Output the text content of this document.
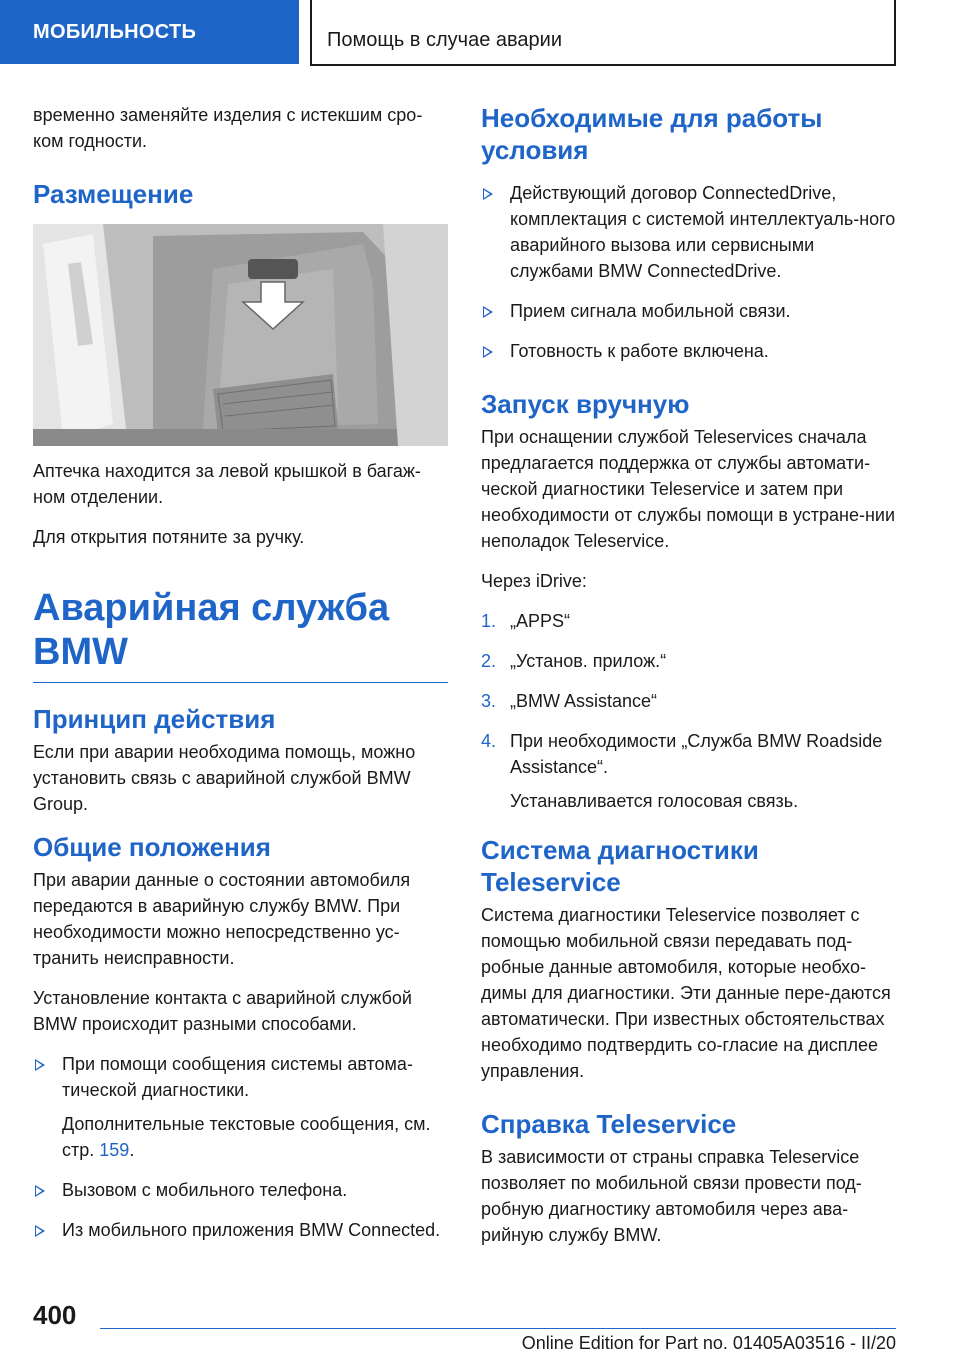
МОБИЛЬНОСТЬ	Помощь в случае аварии

временно заменяйте изделия с истекшим сро-ком годности.

Размещение

Аптечка находится за левой крышкой в багаж-ном отделении.

Для открытия потяните за ручку.

Аварийная служба BMW
Принцип действия

Если при аварии необходима помощь, можно установить связь с аварийной службой BMW Group.

Общие положения

При аварии данные о состоянии автомобиля передаются в аварийную службу BMW. При необходимости можно непосредственно ус-транить неисправности.

Установление контакта с аварийной службой BMW происходит разными способами.

При помощи сообщения системы автома-тической диагностики.

Дополнительные текстовые сообщения, см. стр. 159.

Вызовом с мобильного телефона.
Из мобильного приложения BMW Connected.
Необходимые для работы условия
Действующий договор ConnectedDrive, комплектация с системой интеллектуаль-ного аварийного вызова или сервисными службами BMW ConnectedDrive.
Прием сигнала мобильной связи.
Готовность к работе включена.
Запуск вручную

При оснащении службой Teleservices сначала предлагается поддержка от службы автомати-ческой диагностики Teleservice и затем при необходимости от службы помощи в устране-нии неполадок Teleservice.

Через iDrive:

1. „APPS“
2. „Установ. прилож.“
3. „BMW Assistance“
4. При необходимости „Служба BMW Roadside Assistance“.

Устанавливается голосовая связь.

Система диагностики Teleservice

Система диагностики Teleservice позволяет с помощью мобильной связи передавать под-робные данные автомобиля, которые необхо-димы для диагностики. Эти данные пере-даются автоматически. При известных обстоятельствах необходимо подтвердить со-гласие на дисплее управления.

Справка Teleservice

В зависимости от страны справка Teleservice позволяет по мобильной связи провести под-робную диагностику автомобиля через ава-рийную службу BMW.

400
Online Edition for Part no. 01405A03516 - II/20
